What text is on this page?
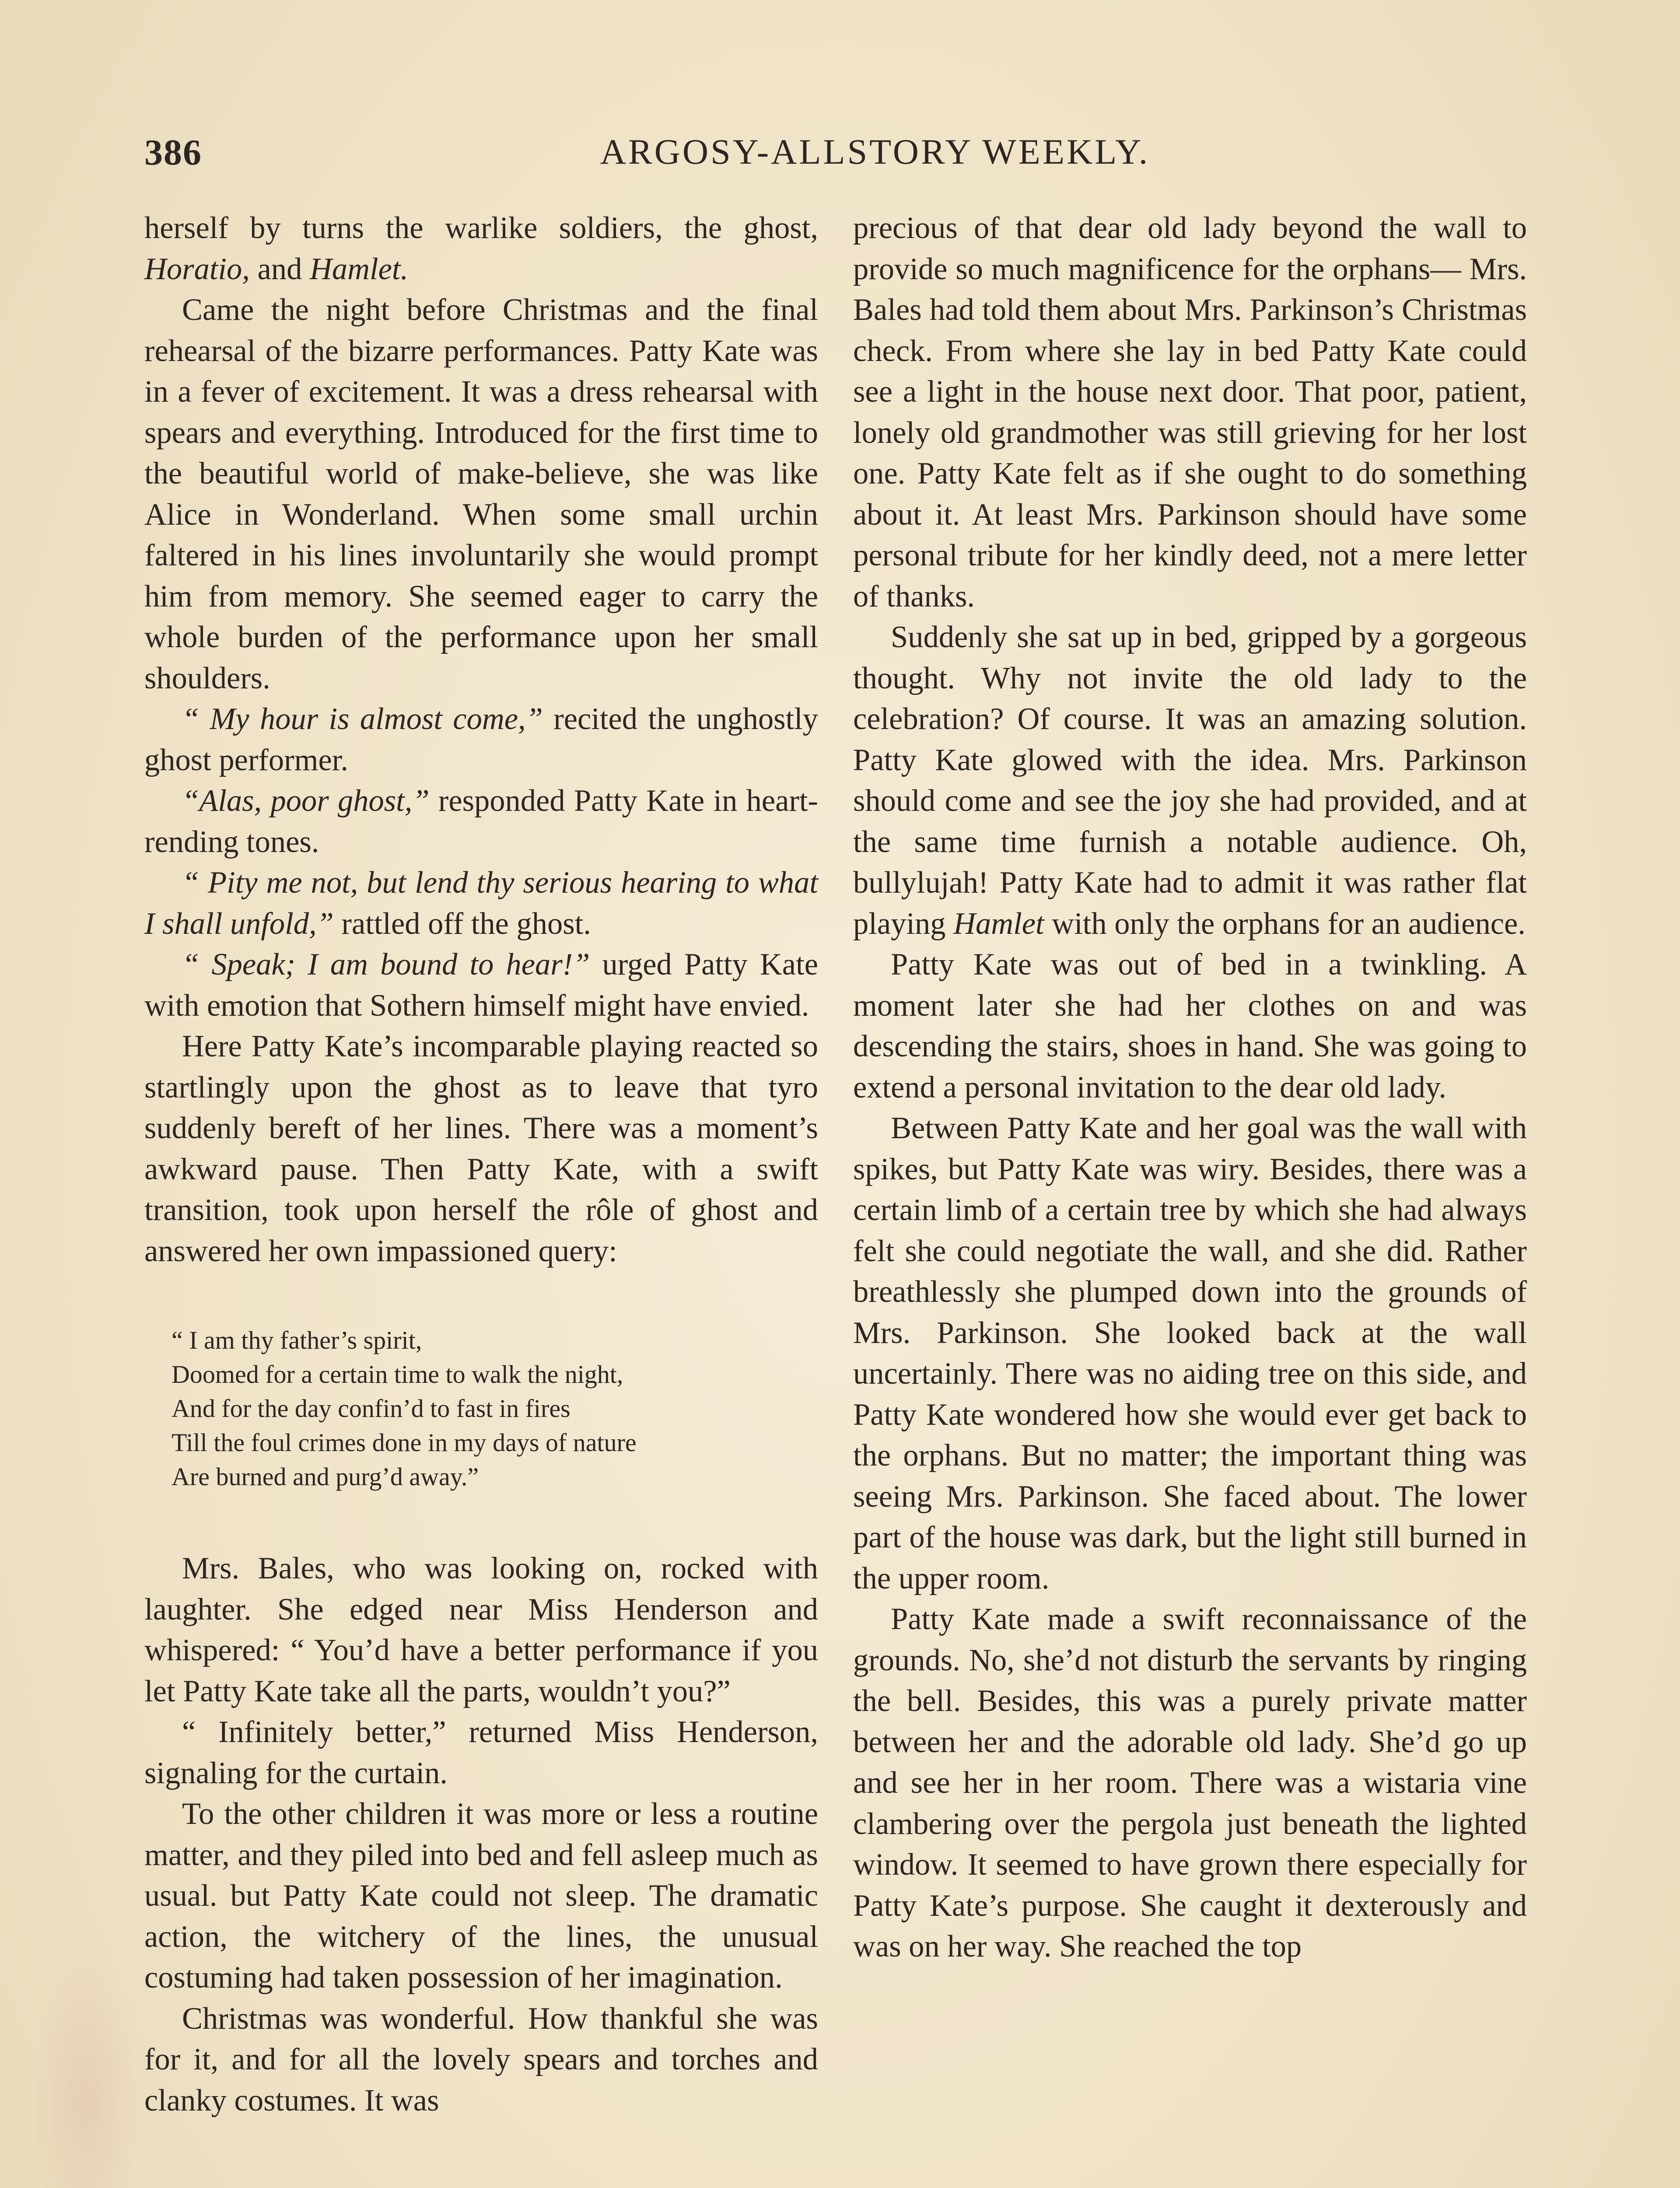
386	ARGOSY-ALLSTORY WEEKLY.

herself by turns the warlike soldiers, the ghost, Horatio, and Hamlet.

Came the night before Christmas and the final rehearsal of the bizarre performances. Patty Kate was in a fever of excitement. It was a dress rehearsal with spears and everything. Introduced for the first time to the beautiful world of make-believe, she was like Alice in Wonderland. When some small urchin faltered in his lines involuntarily she would prompt him from memory. She seemed eager to carry the whole burden of the performance upon her small shoulders.

“ My hour is almost come,” recited the unghostly ghost performer.

“Alas, poor ghost,” responded Patty Kate in heart-rending tones.

“ Pity me not, but lend thy serious hearing to what I shall unfold,” rattled off the ghost.

“ Speak; I am bound to hear!” urged Patty Kate with emotion that Sothern himself might have envied.

Here Patty Kate’s incomparable playing reacted so startlingly upon the ghost as to leave that tyro suddenly bereft of her lines. There was a moment’s awkward pause. Then Patty Kate, with a swift transition, took upon herself the rôle of ghost and answered her own impassioned query:

“ I am thy father’s spirit,
Doomed for a certain time to walk the night,
And for the day confin’d to fast in fires
Till the foul crimes done in my days of nature
Are burned and purg’d away.”

Mrs. Bales, who was looking on, rocked with laughter. She edged near Miss Henderson and whispered: “ You’d have a better performance if you let Patty Kate take all the parts, wouldn’t you?”

“ Infinitely better,” returned Miss Henderson, signaling for the curtain.

To the other children it was more or less a routine matter, and they piled into bed and fell asleep much as usual. but Patty Kate could not sleep. The dramatic action, the witchery of the lines, the unusual costuming had taken possession of her imagination.

Christmas was wonderful. How thankful she was for it, and for all the lovely spears and torches and clanky costumes. It was

precious of that dear old lady beyond the wall to provide so much magnificence for the orphans— Mrs. Bales had told them about Mrs. Parkinson’s Christmas check. From where she lay in bed Patty Kate could see a light in the house next door. That poor, patient, lonely old grandmother was still grieving for her lost one. Patty Kate felt as if she ought to do something about it. At least Mrs. Parkinson should have some personal tribute for her kindly deed, not a mere letter of thanks.

Suddenly she sat up in bed, gripped by a gorgeous thought. Why not invite the old lady to the celebration? Of course. It was an amazing solution. Patty Kate glowed with the idea. Mrs. Parkinson should come and see the joy she had provided, and at the same time furnish a notable audience. Oh, bullylujah! Patty Kate had to admit it was rather flat playing Hamlet with only the orphans for an audience.

Patty Kate was out of bed in a twinkling. A moment later she had her clothes on and was descending the stairs, shoes in hand. She was going to extend a personal invitation to the dear old lady.

Between Patty Kate and her goal was the wall with spikes, but Patty Kate was wiry. Besides, there was a certain limb of a certain tree by which she had always felt she could negotiate the wall, and she did. Rather breathlessly she plumped down into the grounds of Mrs. Parkinson. She looked back at the wall uncertainly. There was no aiding tree on this side, and Patty Kate wondered how she would ever get back to the orphans. But no matter; the important thing was seeing Mrs. Parkinson. She faced about. The lower part of the house was dark, but the light still burned in the upper room.

Patty Kate made a swift reconnaissance of the grounds. No, she’d not disturb the servants by ringing the bell. Besides, this was a purely private matter between her and the adorable old lady. She’d go up and see her in her room. There was a wistaria vine clambering over the pergola just beneath the lighted window. It seemed to have grown there especially for Patty Kate’s purpose. She caught it dexterously and was on her way. She reached the top
